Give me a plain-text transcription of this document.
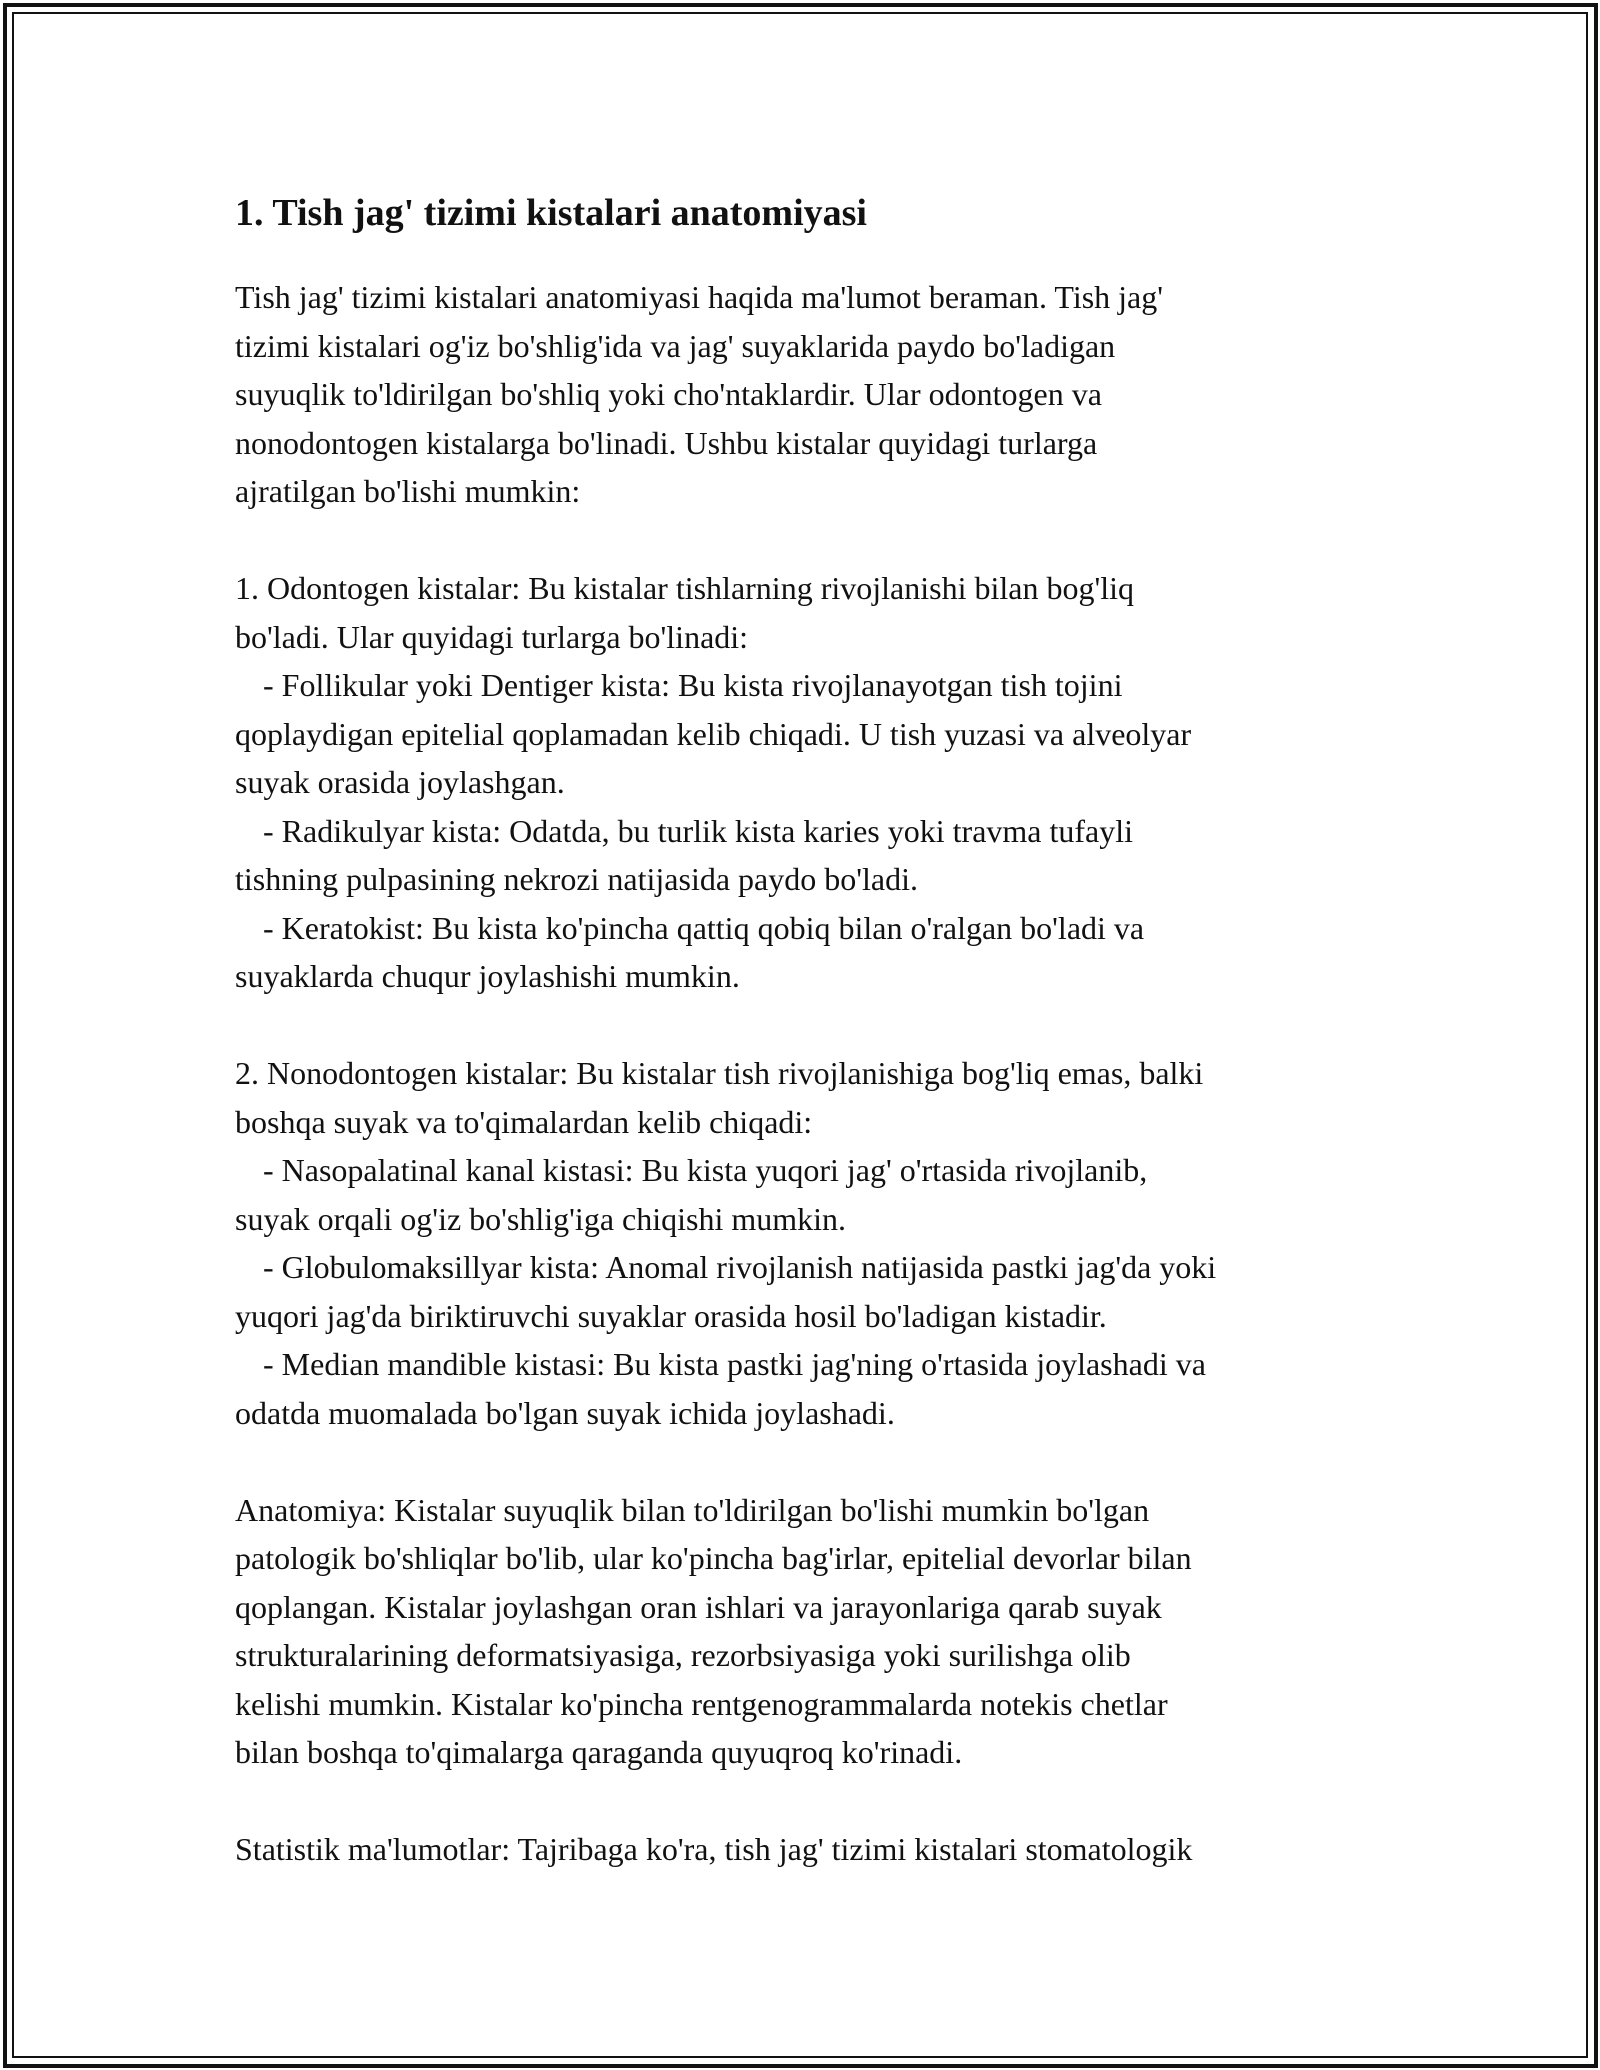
1. Tish jag' tizimi kistalari anatomiyasi
Tish jag' tizimi kistalari anatomiyasi haqida ma'lumot beraman. Tish jag'
tizimi kistalari og'iz bo'shlig'ida va jag' suyaklarida paydo bo'ladigan
suyuqlik to'ldirilgan bo'shliq yoki cho'ntaklardir. Ular odontogen va
nonodontogen kistalarga bo'linadi. Ushbu kistalar quyidagi turlarga
ajratilgan bo'lishi mumkin:
1. Odontogen kistalar: Bu kistalar tishlarning rivojlanishi bilan bog'liq
bo'ladi. Ular quyidagi turlarga bo'linadi:
- Follikular yoki Dentiger kista: Bu kista rivojlanayotgan tish tojini
qoplaydigan epitelial qoplamadan kelib chiqadi. U tish yuzasi va alveolyar
suyak orasida joylashgan.
- Radikulyar kista: Odatda, bu turlik kista karies yoki travma tufayli
tishning pulpasining nekrozi natijasida paydo bo'ladi.
- Keratokist: Bu kista ko'pincha qattiq qobiq bilan o'ralgan bo'ladi va
suyaklarda chuqur joylashishi mumkin.
2. Nonodontogen kistalar: Bu kistalar tish rivojlanishiga bog'liq emas, balki
boshqa suyak va to'qimalardan kelib chiqadi:
- Nasopalatinal kanal kistasi: Bu kista yuqori jag' o'rtasida rivojlanib,
suyak orqali og'iz bo'shlig'iga chiqishi mumkin.
- Globulomaksillyar kista: Anomal rivojlanish natijasida pastki jag'da yoki
yuqori jag'da biriktiruvchi suyaklar orasida hosil bo'ladigan kistadir.
- Median mandible kistasi: Bu kista pastki jag'ning o'rtasida joylashadi va
odatda muomalada bo'lgan suyak ichida joylashadi.
Anatomiya: Kistalar suyuqlik bilan to'ldirilgan bo'lishi mumkin bo'lgan
patologik bo'shliqlar bo'lib, ular ko'pincha bag'irlar, epitelial devorlar bilan
qoplangan. Kistalar joylashgan oran ishlari va jarayonlariga qarab suyak
strukturalarining deformatsiyasiga, rezorbsiyasiga yoki surilishga olib
kelishi mumkin. Kistalar ko'pincha rentgenogrammalarda notekis chetlar
bilan boshqa to'qimalarga qaraganda quyuqroq ko'rinadi.
Statistik ma'lumotlar: Tajribaga ko'ra, tish jag' tizimi kistalari stomatologik
